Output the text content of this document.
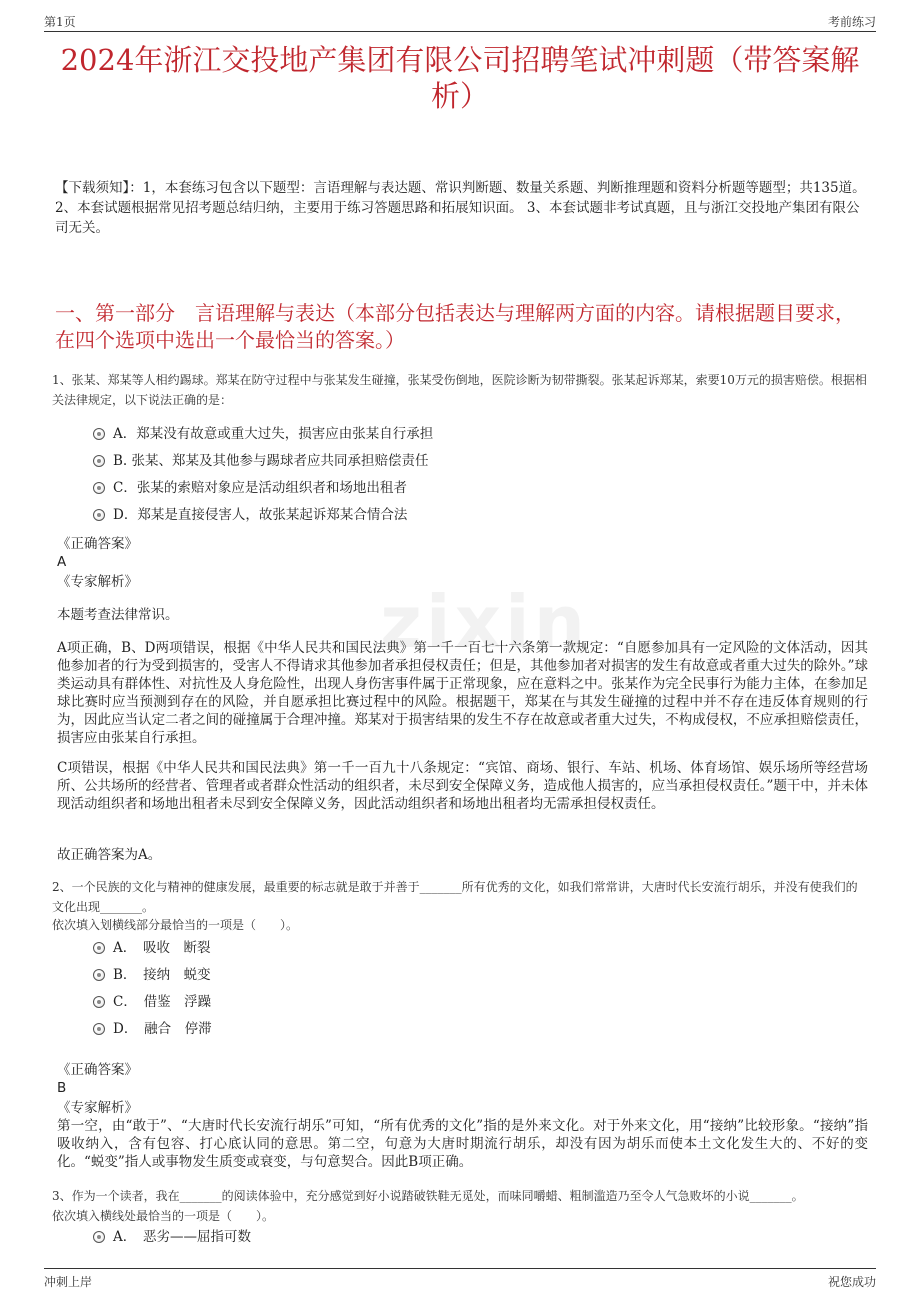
第1页	考前练习
zixin
2024年浙江交投地产集团有限公司招聘笔试冲刺题（带答案解析）
【下载须知】：1，本套练习包含以下题型：言语理解与表达题、常识判断题、数量关系题、判断推理题和资料分析题等题型；共135道。 2、本套试题根据常见招考题总结归纳，主要用于练习答题思路和拓展知识面。 3、本套试题非考试真题，且与浙江交投地产集团有限公司无关。
一、第一部分　言语理解与表达（本部分包括表达与理解两方面的内容。请根据题目要求，在四个选项中选出一个最恰当的答案。）
1、张某、郑某等人相约踢球。郑某在防守过程中与张某发生碰撞，张某受伤倒地，医院诊断为韧带撕裂。张某起诉郑某，索要10万元的损害赔偿。根据相关法律规定，以下说法正确的是：
A．郑某没有故意或重大过失，损害应由张某自行承担
B. 张某、郑某及其他参与踢球者应共同承担赔偿责任
C．张某的索赔对象应是活动组织者和场地出租者
D．郑某是直接侵害人，故张某起诉郑某合情合法
《正确答案》
A
《专家解析》
本题考查法律常识。
A项正确，B、D两项错误，根据《中华人民共和国民法典》第一千一百七十六条第一款规定：“自愿参加具有一定风险的文体活动，因其他参加者的行为受到损害的，受害人不得请求其他参加者承担侵权责任；但是，其他参加者对损害的发生有故意或者重大过失的除外。”球类运动具有群体性、对抗性及人身危险性，出现人身伤害事件属于正常现象，应在意料之中。张某作为完全民事行为能力主体，在参加足球比赛时应当预测到存在的风险，并自愿承担比赛过程中的风险。根据题干，郑某在与其发生碰撞的过程中并不存在违反体育规则的行为，因此应当认定二者之间的碰撞属于合理冲撞。郑某对于损害结果的发生不存在故意或者重大过失，不构成侵权，不应承担赔偿责任，损害应由张某自行承担。
C项错误，根据《中华人民共和国民法典》第一千一百九十八条规定：“宾馆、商场、银行、车站、机场、体育场馆、娱乐场所等经营场所、公共场所的经营者、管理者或者群众性活动的组织者，未尽到安全保障义务，造成他人损害的，应当承担侵权责任。”题干中，并未体现活动组织者和场地出租者未尽到安全保障义务，因此活动组织者和场地出租者均无需承担侵权责任。
故正确答案为A。
2、一个民族的文化与精神的健康发展，最重要的标志就是敢于并善于_______所有优秀的文化，如我们常常讲，大唐时代长安流行胡乐，并没有使我们的文化出现_______。
依次填入划横线部分最恰当的一项是（　　）。
A．　吸收　断裂
B．　接纳　蜕变
C．　借鉴　浮躁
D．　融合　停滞
《正确答案》
B
《专家解析》
第一空，由“敢于”、“大唐时代长安流行胡乐”可知，“所有优秀的文化”指的是外来文化。对于外来文化，用“接纳”比较形象。“接纳”指吸收纳入，含有包容、打心底认同的意思。第二空，句意为大唐时期流行胡乐，却没有因为胡乐而使本土文化发生大的、不好的变化。“蜕变”指人或事物发生质变或衰变，与句意契合。因此B项正确。
3、作为一个读者，我在_______的阅读体验中，充分感觉到好小说踏破铁鞋无觅处，而味同嚼蜡、粗制滥造乃至令人气急败坏的小说_______。
依次填入横线处最恰当的一项是（　　）。
A．　恶劣——屈指可数
冲刺上岸	祝您成功
